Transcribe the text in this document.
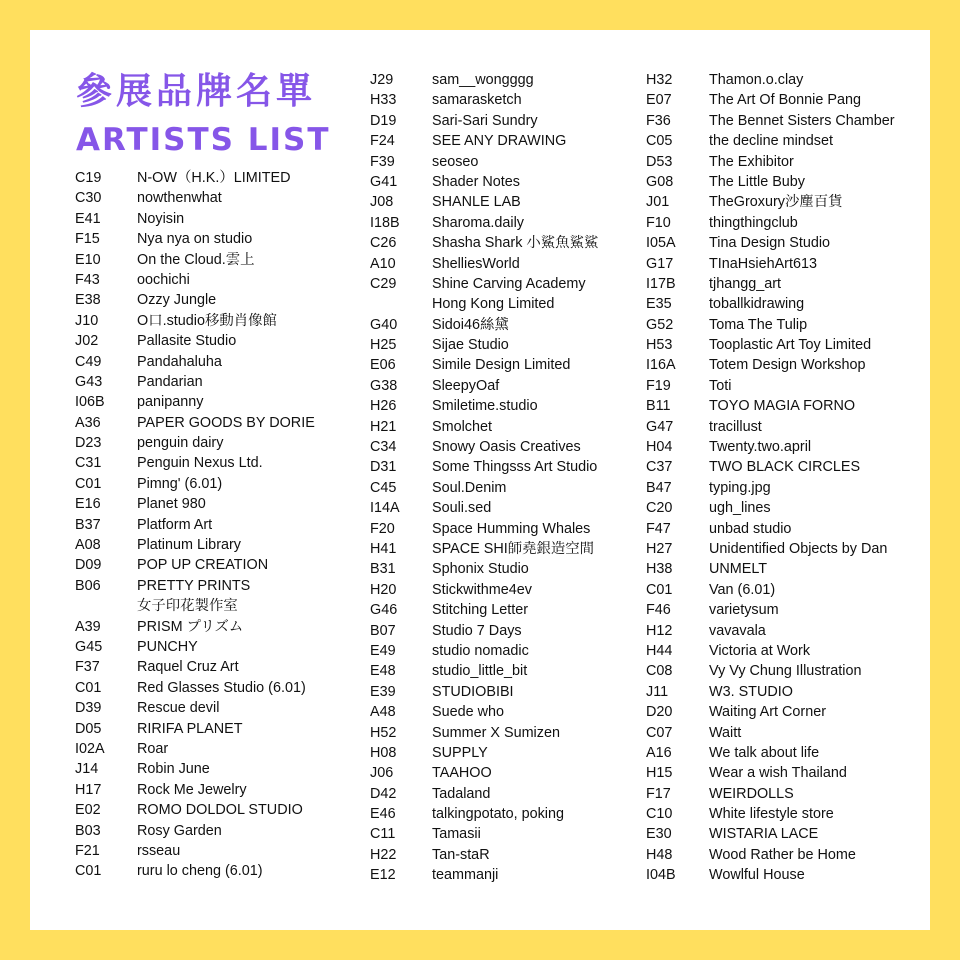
參展品牌名單
ARTISTS LIST
C19 N-OW（H.K.）LIMITED
C30 nowthenwhat
E41	Noyisin
F15	Nya nya on studio
E10	On the Cloud.雲上
F43	oochichi
E38	Ozzy Jungle
J10	O口.studio移動肖像館
J02	Pallasite Studio
C49 Pandahaluha
G43 Pandarian
I06B panipanny
A36	PAPER GOODS BY DORIE
D23 penguin dairy
C31 Penguin Nexus Ltd.
C01 Pimng' (6.01)
E16	Planet 980
B37	Platform Art
A08	Platinum Library
D09 POP UP CREATION
B06	PRETTY PRINTS
女子印花製作室
A39	PRISM プリズム
G45 PUNCHY
F37	Raquel Cruz Art
C01 Red Glasses Studio (6.01)
D39 Rescue devil
D05 RIRIFA PLANET
I02A Roar
J14	Robin June
H17 Rock Me Jewelry
E02	ROMO DOLDOL STUDIO
B03	Rosy Garden
F21	rsseau
C01 ruru lo cheng (6.01)
J29	sam__wongggg
H33 samarasketch
D19 Sari-Sari Sundry
F24	SEE ANY DRAWING
F39	seoseo
G41 Shader Notes
J08	SHANLE LAB
I18B Sharoma.daily
C26 Shasha Shark 小鯊魚鯊鯊
A10	ShelliesWorld
C29 Shine Carving Academy
Hong Kong Limited
G40 Sidoi46絲黛
H25 Sijae Studio
E06	Simile Design Limited
G38 SleepyOaf
H26 Smiletime.studio
H21 Smolchet
C34 Snowy Oasis Creatives
D31 Some Thingsss Art Studio
C45 Soul.Denim
I14A Souli.sed
F20	Space Humming Whales
H41 SPACE SHI師堯銀造空間
B31	Sphonix Studio
H20 Stickwithme4ev
G46 Stitching Letter
B07	Studio 7 Days
E49	studio nomadic
E48	studio_little_bit
E39	STUDIOBIBI
A48	Suede who
H52 Summer X Sumizen
H08 SUPPLY
J06	TAAHOO
D42 Tadaland
E46	talkingpotato, poking
C11	Tamasii
H22 Tan-staR
E12	teammanji
H32	Thamon.o.clay
E07	The Art Of Bonnie Pang
F36	The Bennet Sisters Chamber
C05	the decline mindset
D53	The Exhibitor
G08 The Little Buby
J01	TheGroxury沙塵百貨
F10	thingthingclub
I05A Tina Design Studio
G17 TInaHsiehArt613
I17B tjhangg_art
E35	toballkidrawing
G52 Toma The Tulip
H53	Tooplastic Art Toy Limited
I16A Totem Design Workshop
F19	Toti
B11	TOYO MAGIA FORNO
G47 tracillust
H04	Twenty.two.april
C37	TWO BLACK CIRCLES
B47	typing.jpg
C20	ugh_lines
F47	unbad studio
H27	Unidentified Objects by Dan
H38	UNMELT
C01	Van (6.01)
F46	varietysum
H12	vavavala
H44	Victoria at Work
C08	Vy Vy Chung Illustration
J11	W3. STUDIO
D20	Waiting Art Corner
C07	Waitt
A16	We talk about life
H15	Wear a wish Thailand
F17	WEIRDOLLS
C10	White lifestyle store
E30	WISTARIA LACE
H48	Wood Rather be Home
I04B Wowlful House
